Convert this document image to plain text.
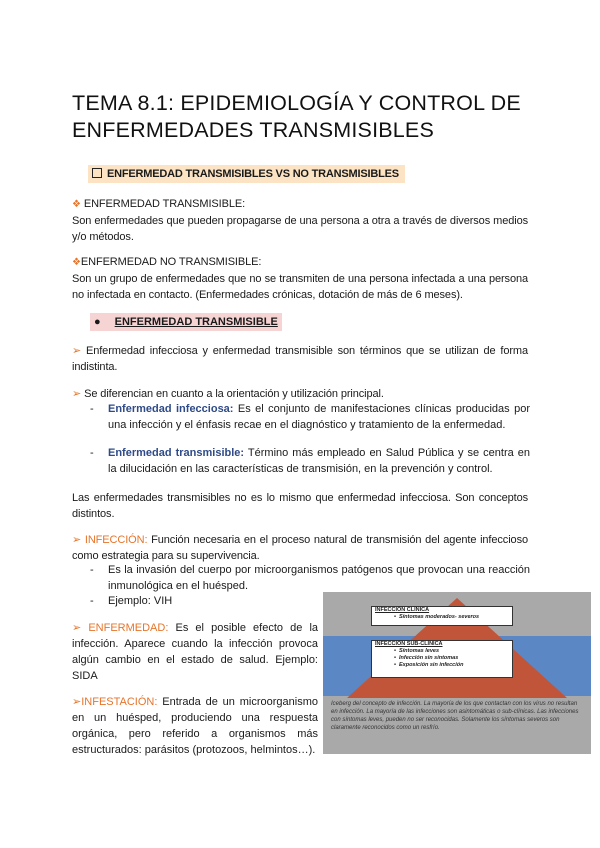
TEMA 8.1: EPIDEMIOLOGÍA Y CONTROL DE ENFERMEDADES TRANSMISIBLES
ENFERMEDAD TRANSMISIBLES VS NO TRANSMISIBLES
❖ ENFERMEDAD TRANSMISIBLE:
Son enfermedades que pueden propagarse de una persona a otra a través de diversos medios y/o métodos.
❖ENFERMEDAD NO TRANSMISIBLE:
Son un grupo de enfermedades que no se transmiten de una persona infectada a una persona no infectada en contacto. (Enfermedades crónicas, dotación de más de 6 meses).
● ENFERMEDAD TRANSMISIBLE
➢ Enfermedad infecciosa y enfermedad transmisible son términos que se utilizan de forma indistinta.
➢ Se diferencian en cuanto a la orientación y utilización principal.
- Enfermedad infecciosa: Es el conjunto de manifestaciones clínicas producidas por una infección y el énfasis recae en el diagnóstico y tratamiento de la enfermedad.
- Enfermedad transmisible: Término más empleado en Salud Pública y se centra en la dilucidación en las características de transmisión, en la prevención y control.
Las enfermedades transmisibles no es lo mismo que enfermedad infecciosa. Son conceptos distintos.
➢ INFECCIÓN: Función necesaria en el proceso natural de transmisión del agente infeccioso como estrategia para su supervivencia.
- Es la invasión del cuerpo por microorganismos patógenos que provocan una reacción inmunológica en el huésped.
- Ejemplo: VIH
➢ ENFERMEDAD: Es el posible efecto de la infección. Aparece cuando la infección provoca algún cambio en el estado de salud. Ejemplo: SIDA
➢INFESTACIÓN: Entrada de un microorganismo en un huésped, produciendo una respuesta orgánica, pero referido a organismos más estructurados: parásitos (protozoos, helmintos…).
INFECCIÓN CLÍNICA
•  Síntomas moderados- severos
INFECCIÓN SUB-CLÍNICA
•  Síntomas leves
•  Infección sin síntomas
•  Exposición sin infección
Iceberg del concepto de infección. La mayoría de los que contactan con los virus no resultan en infección. La mayoría de las infecciones son asintomáticas o sub-clínicas. Las infecciones con síntomas leves, pueden no ser reconocidas. Solamente los síntomas severos son claramente reconocidos como un resfrío.
